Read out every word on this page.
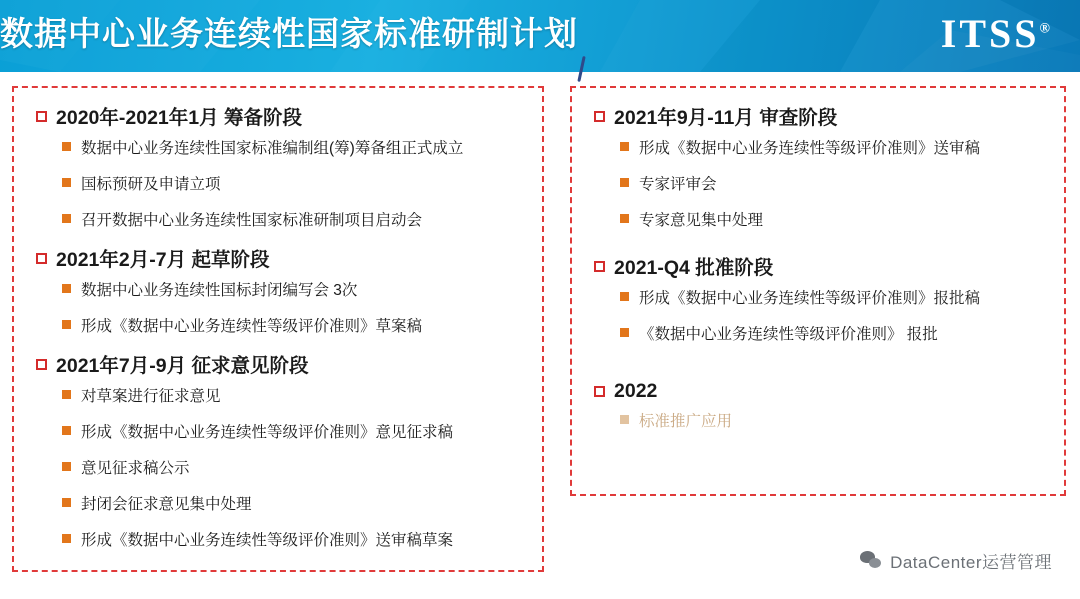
数据中心业务连续性国家标准研制计划	ITSS®
2020年-2021年1月 筹备阶段
数据中心业务连续性国家标准编制组(筹)筹备组正式成立
国标预研及申请立项
召开数据中心业务连续性国家标准研制项目启动会
2021年2月-7月 起草阶段
数据中心业务连续性国标封闭编写会 3次
形成《数据中心业务连续性等级评价准则》草案稿
2021年7月-9月 征求意见阶段
对草案进行征求意见
形成《数据中心业务连续性等级评价准则》意见征求稿
意见征求稿公示
封闭会征求意见集中处理
形成《数据中心业务连续性等级评价准则》送审稿草案
2021年9月-11月 审查阶段
形成《数据中心业务连续性等级评价准则》送审稿
专家评审会
专家意见集中处理
2021-Q4 批准阶段
形成《数据中心业务连续性等级评价准则》报批稿
《数据中心业务连续性等级评价准则》 报批
2022
标准推广应用
DataCenter运营管理
